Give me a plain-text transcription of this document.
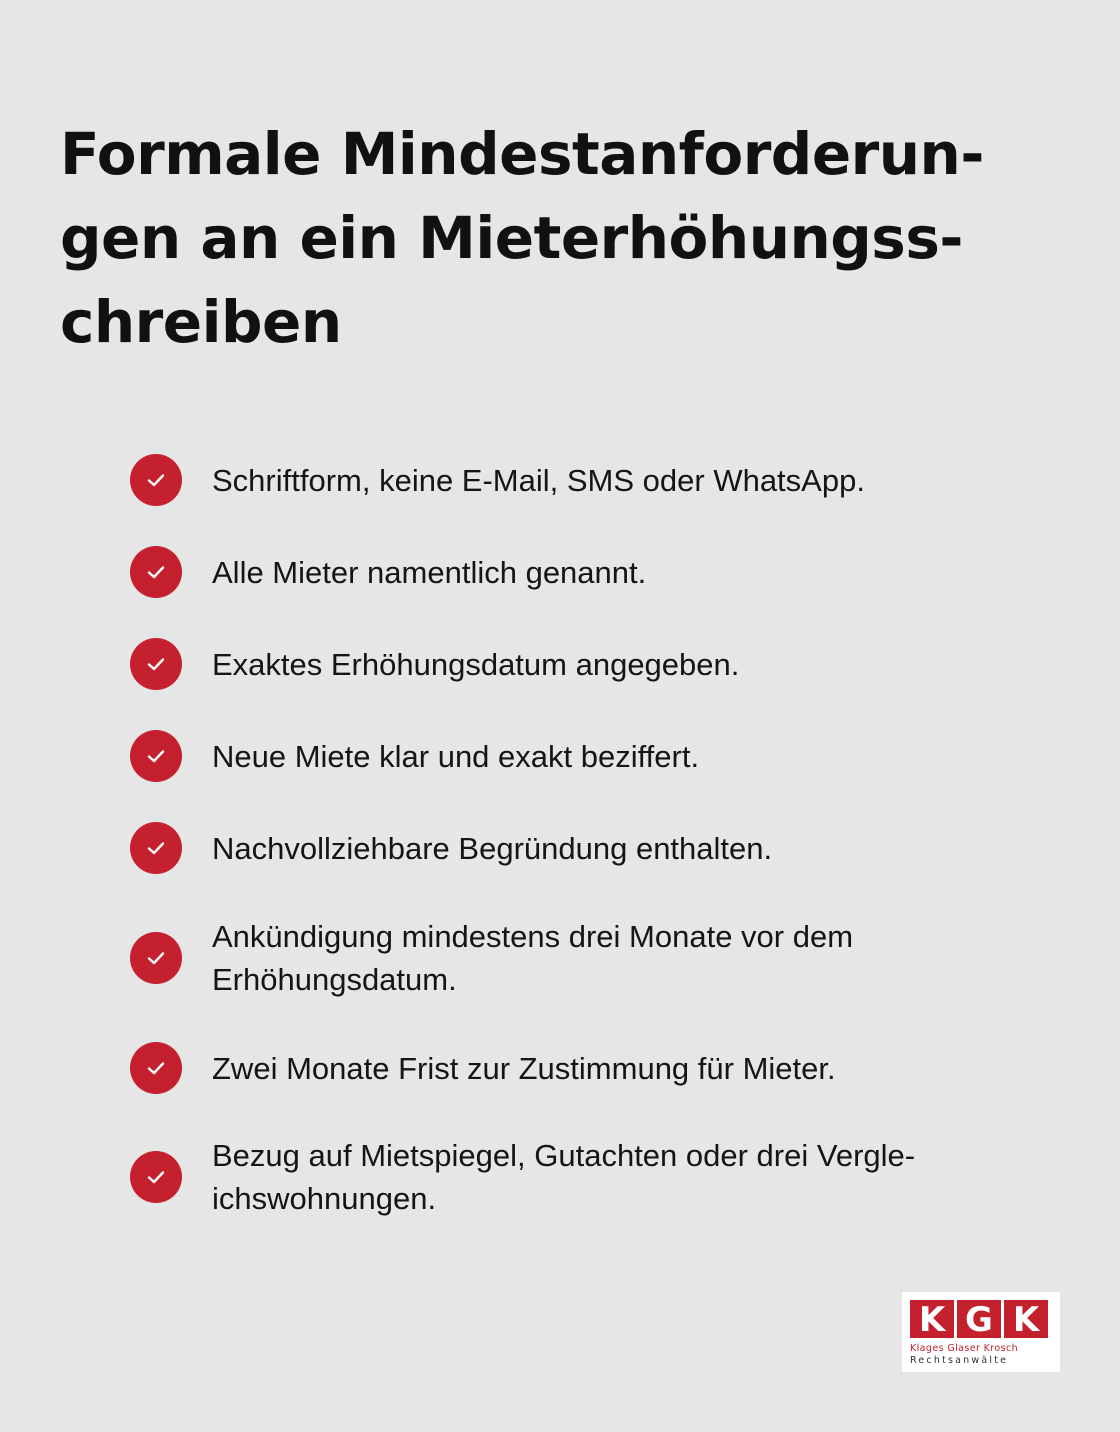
Formale Mindestanforderun-
gen an ein Mieterhöhungss-
chreiben
Schriftform, keine E-Mail, SMS oder WhatsApp.
Alle Mieter namentlich genannt.
Exaktes Erhöhungsdatum angegeben.
Neue Miete klar und exakt beziffert.
Nachvollziehbare Begründung enthalten.
Ankündigung mindestens drei Monate vor dem
Erhöhungsdatum.
Zwei Monate Frist zur Zustimmung für Mieter.
Bezug auf Mietspiegel, Gutachten oder drei Vergle-
ichswohnungen.
K G K
Klages Glaser Krosch
Rechtsanwälte
